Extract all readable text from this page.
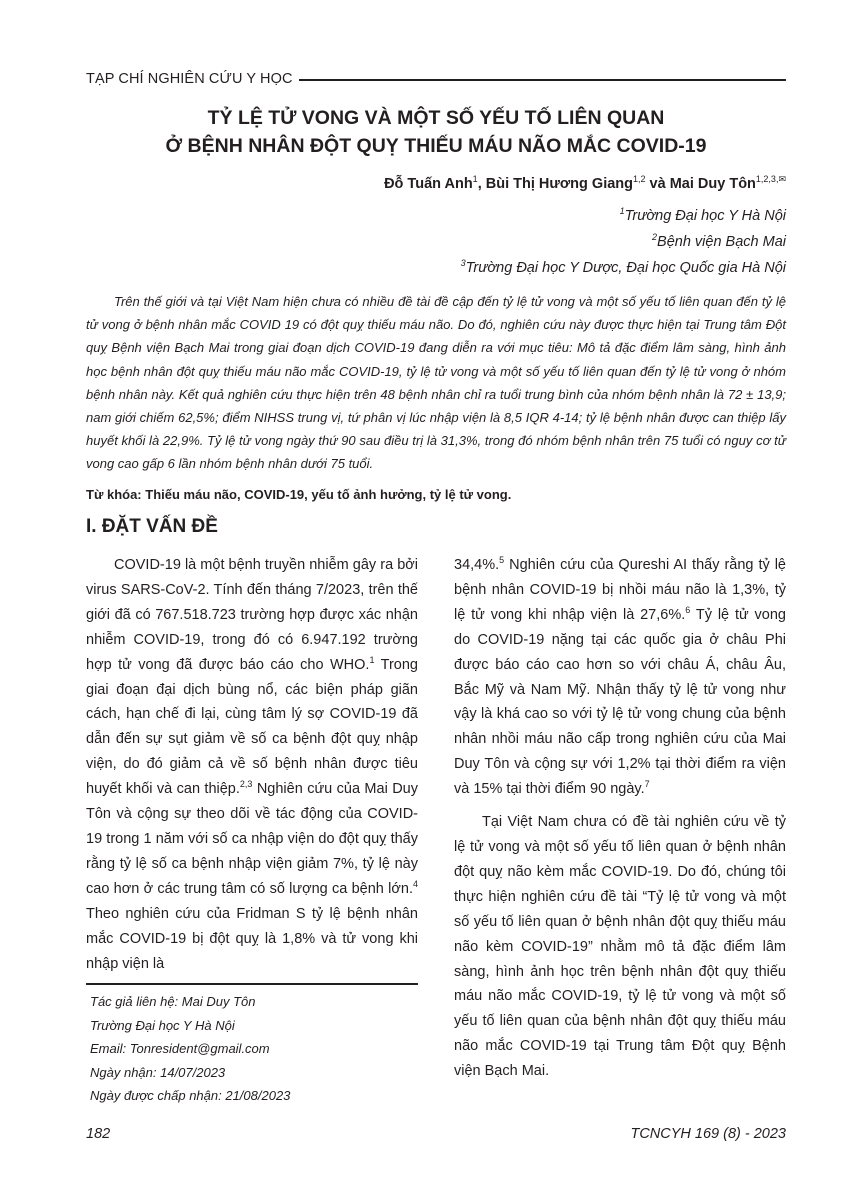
TẠP CHÍ NGHIÊN CỨU Y HỌC
TỶ LỆ TỬ VONG VÀ MỘT SỐ YẾU TỐ LIÊN QUAN
Ở BỆNH NHÂN ĐỘT QUỴ THIẾU MÁU NÃO MẮC COVID-19
Đỗ Tuấn Anh$^1$, Bùi Thị Hương Giang$^{1,2}$ và Mai Duy Tôn$^{1,2,3,✉}$
$^1$Trường Đại học Y Hà Nội
$^2$Bệnh viện Bạch Mai
$^3$Trường Đại học Y Dược, Đại học Quốc gia Hà Nội
Trên thế giới và tại Việt Nam hiện chưa có nhiều đề tài đề cập đến tỷ lệ tử vong và một số yếu tố liên quan đến tỷ lệ tử vong ở bệnh nhân mắc COVID 19 có đột quỵ thiếu máu não. Do đó, nghiên cứu này được thực hiện tại Trung tâm Đột quỵ Bệnh viện Bạch Mai trong giai đoạn dịch COVID-19 đang diễn ra với mục tiêu: Mô tả đặc điểm lâm sàng, hình ảnh học bệnh nhân đột quỵ thiếu máu não mắc COVID-19, tỷ lệ tử vong và một số yếu tố liên quan đến tỷ lệ tử vong ở nhóm bệnh nhân này. Kết quả nghiên cứu thực hiện trên 48 bệnh nhân chỉ ra tuổi trung bình của nhóm bệnh nhân là 72 ± 13,9; nam giới chiếm 62,5%; điểm NIHSS trung vị, tứ phân vị lúc nhập viện là 8,5 IQR 4-14; tỷ lệ bệnh nhân được can thiệp lấy huyết khối là 22,9%. Tỷ lệ tử vong ngày thứ 90 sau điều trị là 31,3%, trong đó nhóm bệnh nhân trên 75 tuổi có nguy cơ tử vong cao gấp 6 lần nhóm bệnh nhân dưới 75 tuổi.
Từ khóa: Thiếu máu não, COVID-19, yếu tố ảnh hưởng, tỷ lệ tử vong.
I. ĐẶT VẤN ĐỀ

COVID-19 là một bệnh truyền nhiễm gây ra bởi virus SARS-CoV-2. Tính đến tháng 7/2023, trên thế giới đã có 767.518.723 trường hợp được xác nhận nhiễm COVID-19, trong đó có 6.947.192 trường hợp tử vong đã được báo cáo cho WHO.$^1$ Trong giai đoạn đại dịch bùng nổ, các biện pháp giãn cách, hạn chế đi lại, cùng tâm lý sợ COVID-19 đã dẫn đến sự sụt giảm về số ca bệnh đột quỵ nhập viện, do đó giảm cả về số bệnh nhân được tiêu huyết khối và can thiệp.$^{2,3}$ Nghiên cứu của Mai Duy Tôn và cộng sự theo dõi về tác động của COVID-19 trong 1 năm với số ca nhập viện do đột quỵ thấy rằng tỷ lệ số ca bệnh nhập viện giảm 7%, tỷ lệ này cao hơn ở các trung tâm có số lượng ca bệnh lớn.$^4$ Theo nghiên cứu của Fridman S tỷ lệ bệnh nhân mắc COVID-19 bị đột quỵ là 1,8% và tử vong khi nhập viện là

Tác giả liên hệ: Mai Duy Tôn
Trường Đại học Y Hà Nội
Email: Tonresident@gmail.com
Ngày nhận: 14/07/2023
Ngày được chấp nhận: 21/08/2023

34,4%.$^5$ Nghiên cứu của Qureshi AI thấy rằng tỷ lệ bệnh nhân COVID-19 bị nhồi máu não là 1,3%, tỷ lệ tử vong khi nhập viện là 27,6%.$^6$ Tỷ lệ tử vong do COVID-19 nặng tại các quốc gia ở châu Phi được báo cáo cao hơn so với châu Á, châu Âu, Bắc Mỹ và Nam Mỹ. Nhận thấy tỷ lệ tử vong như vậy là khá cao so với tỷ lệ tử vong chung của bệnh nhân nhồi máu não cấp trong nghiên cứu của Mai Duy Tôn và cộng sự với 1,2% tại thời điểm ra viện và 15% tại thời điểm 90 ngày.$^7$

Tại Việt Nam chưa có đề tài nghiên cứu về tỷ lệ tử vong và một số yếu tố liên quan ở bệnh nhân đột quỵ não kèm mắc COVID-19. Do đó, chúng tôi thực hiện nghiên cứu đề tài “Tỷ lệ tử vong và một số yếu tố liên quan ở bệnh nhân đột quỵ thiếu máu não kèm COVID-19” nhằm mô tả đặc điểm lâm sàng, hình ảnh học trên bệnh nhân đột quỵ thiếu máu não mắc COVID-19, tỷ lệ tử vong và một số yếu tố liên quan của bệnh nhân đột quỵ thiếu máu não mắc COVID-19 tại Trung tâm Đột quỵ Bệnh viện Bạch Mai.

182	TCNCYH 169 (8) - 2023
